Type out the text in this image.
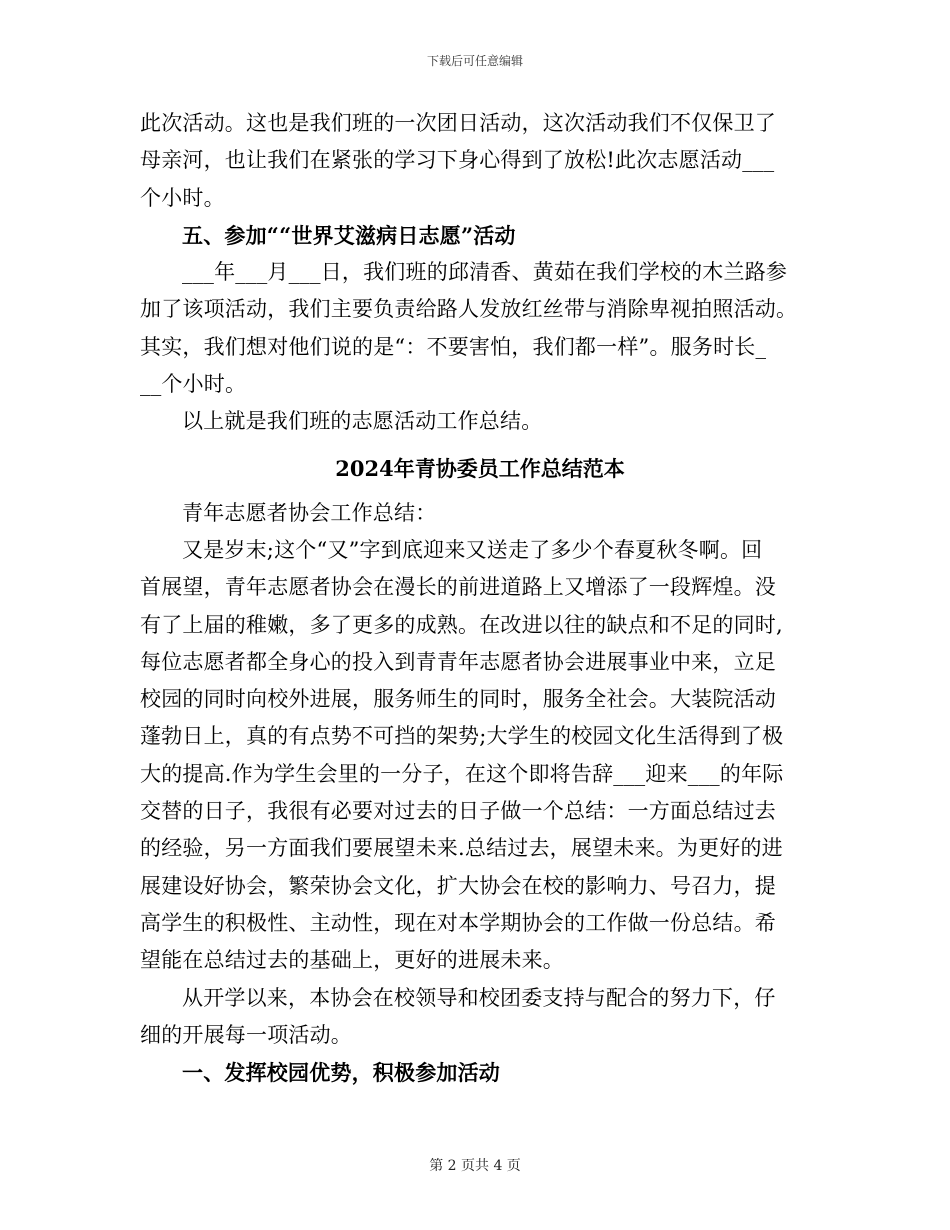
下载后可任意编辑
此次活动。这也是我们班的一次团日活动，这次活动我们不仅保卫了
母亲河，也让我们在紧张的学习下身心得到了放松!此次志愿活动___
个小时。
五、参加““世界艾滋病日志愿”活动
___年___月___日，我们班的邱清香、黄茹在我们学校的木兰路参
加了该项活动，我们主要负责给路人发放红丝带与消除卑视拍照活动。
其实，我们想对他们说的是“：不要害怕，我们都一样”。服务时长_
__个小时。
以上就是我们班的志愿活动工作总结。
2024年青协委员工作总结范本
青年志愿者协会工作总结：
又是岁末;这个“又”字到底迎来又送走了多少个春夏秋冬啊。回
首展望，青年志愿者协会在漫长的前进道路上又增添了一段辉煌。没
有了上届的稚嫩，多了更多的成熟。在改进以往的缺点和不足的同时,
每位志愿者都全身心的投入到青青年志愿者协会进展事业中来，立足
校园的同时向校外进展，服务师生的同时，服务全社会。大装院活动
蓬勃日上，真的有点势不可挡的架势;大学生的校园文化生活得到了极
大的提高.作为学生会里的一分子，在这个即将告辞___迎来___的年际
交替的日子，我很有必要对过去的日子做一个总结：一方面总结过去
的经验，另一方面我们要展望未来.总结过去，展望未来。为更好的进
展建设好协会，繁荣协会文化，扩大协会在校的影响力、号召力，提
高学生的积极性、主动性，现在对本学期协会的工作做一份总结。希
望能在总结过去的基础上，更好的进展未来。
从开学以来，本协会在校领导和校团委支持与配合的努力下，仔
细的开展每一项活动。
一、发挥校园优势，积极参加活动
第 2 页共 4 页
